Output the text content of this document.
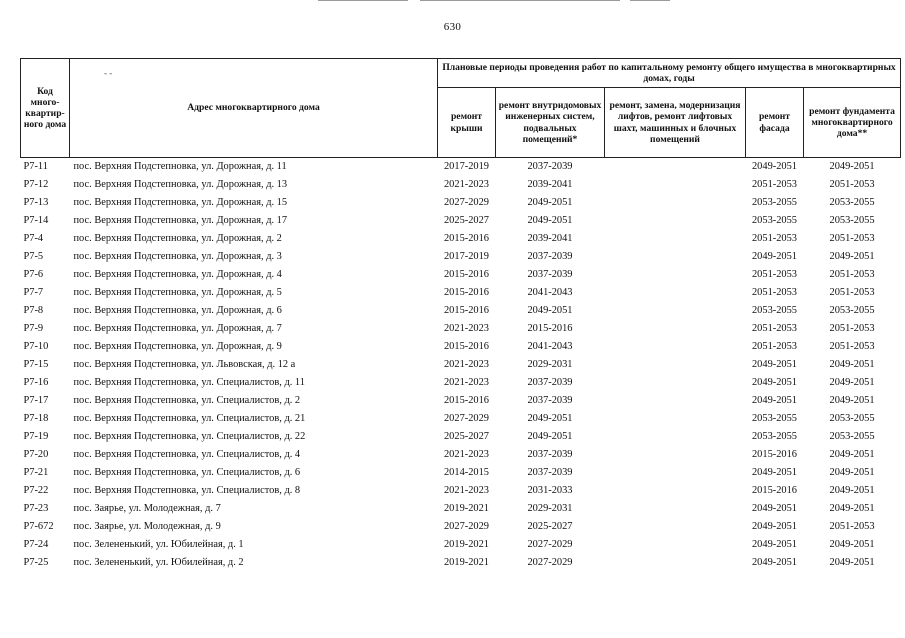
630
Код много-квартир-ного дома	‐ ‐
Адрес многоквартирного дома	Плановые периоды проведения работ по капитальному ремонту общего имущества в многоквартирных домах, годы				
		ремонт крыши	ремонт внутридомовых инженерных систем, подвальных помещений*	ремонт, замена, модернизация лифтов, ремонт лифтовых шахт, машинных и блочных помещений	ремонт фасада	ремонт фундамента многоквартирного дома**
Р7-11	пос. Верхняя Подстепновка, ул. Дорожная, д. 11	2017-2019	2037-2039		2049-2051	2049-2051
Р7-12	пос. Верхняя Подстепновка, ул. Дорожная, д. 13	2021-2023	2039-2041		2051-2053	2051-2053
Р7-13	пос. Верхняя Подстепновка, ул. Дорожная, д. 15	2027-2029	2049-2051		2053-2055	2053-2055
Р7-14	пос. Верхняя Подстепновка, ул. Дорожная, д. 17	2025-2027	2049-2051		2053-2055	2053-2055
Р7-4	пос. Верхняя Подстепновка, ул. Дорожная, д. 2	2015-2016	2039-2041		2051-2053	2051-2053
Р7-5	пос. Верхняя Подстепновка, ул. Дорожная, д. 3	2017-2019	2037-2039		2049-2051	2049-2051
Р7-6	пос. Верхняя Подстепновка, ул. Дорожная, д. 4	2015-2016	2037-2039		2051-2053	2051-2053
Р7-7	пос. Верхняя Подстепновка, ул. Дорожная, д. 5	2015-2016	2041-2043		2051-2053	2051-2053
Р7-8	пос. Верхняя Подстепновка, ул. Дорожная, д. 6	2015-2016	2049-2051		2053-2055	2053-2055
Р7-9	пос. Верхняя Подстепновка, ул. Дорожная, д. 7	2021-2023	2015-2016		2051-2053	2051-2053
Р7-10	пос. Верхняя Подстепновка, ул. Дорожная, д. 9	2015-2016	2041-2043		2051-2053	2051-2053
Р7-15	пос. Верхняя Подстепновка, ул. Львовская, д. 12 а	2021-2023	2029-2031		2049-2051	2049-2051
Р7-16	пос. Верхняя Подстепновка, ул. Специалистов, д. 11	2021-2023	2037-2039		2049-2051	2049-2051
Р7-17	пос. Верхняя Подстепновка, ул. Специалистов, д. 2	2015-2016	2037-2039		2049-2051	2049-2051
Р7-18	пос. Верхняя Подстепновка, ул. Специалистов, д. 21	2027-2029	2049-2051		2053-2055	2053-2055
Р7-19	пос. Верхняя Подстепновка, ул. Специалистов, д. 22	2025-2027	2049-2051		2053-2055	2053-2055
Р7-20	пос. Верхняя Подстепновка, ул. Специалистов, д. 4	2021-2023	2037-2039		2015-2016	2049-2051
Р7-21	пос. Верхняя Подстепновка, ул. Специалистов, д. 6	2014-2015	2037-2039		2049-2051	2049-2051
Р7-22	пос. Верхняя Подстепновка, ул. Специалистов, д. 8	2021-2023	2031-2033		2015-2016	2049-2051
Р7-23	пос. Заярье, ул. Молодежная, д. 7	2019-2021	2029-2031		2049-2051	2049-2051
Р7-672	пос. Заярье, ул. Молодежная, д. 9	2027-2029	2025-2027		2049-2051	2051-2053
Р7-24	пос. Зелененький, ул. Юбилейная, д. 1	2019-2021	2027-2029		2049-2051	2049-2051
Р7-25	пос. Зелененький, ул. Юбилейная, д. 2	2019-2021	2027-2029		2049-2051	2049-2051
